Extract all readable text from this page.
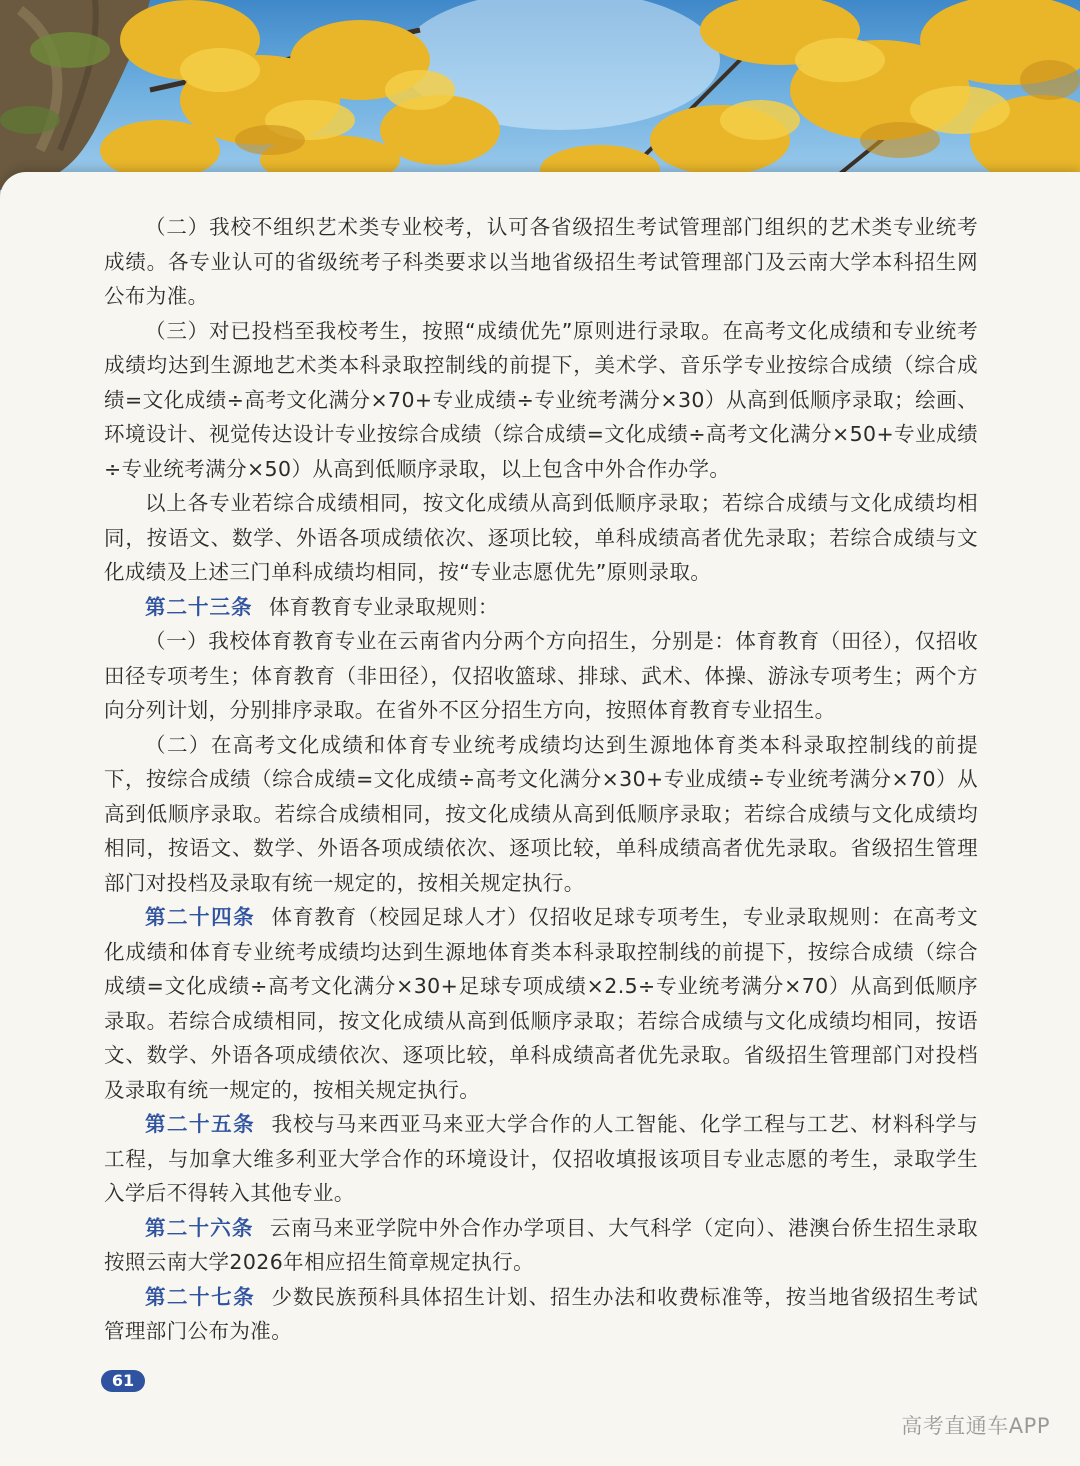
（二）我校不组织艺术类专业校考，认可各省级招生考试管理部门组织的艺术类专业统考成绩。各专业认可的省级统考子科类要求以当地省级招生考试管理部门及云南大学本科招生网公布为准。

（三）对已投档至我校考生，按照“成绩优先”原则进行录取。在高考文化成绩和专业统考成绩均达到生源地艺术类本科录取控制线的前提下，美术学、音乐学专业按综合成绩（综合成绩=文化成绩÷高考文化满分×70+专业成绩÷专业统考满分×30）从高到低顺序录取；绘画、环境设计、视觉传达设计专业按综合成绩（综合成绩=文化成绩÷高考文化满分×50+专业成绩÷专业统考满分×50）从高到低顺序录取，以上包含中外合作办学。

以上各专业若综合成绩相同，按文化成绩从高到低顺序录取；若综合成绩与文化成绩均相同，按语文、数学、外语各项成绩依次、逐项比较，单科成绩高者优先录取；若综合成绩与文化成绩及上述三门单科成绩均相同，按“专业志愿优先”原则录取。

第二十三条 体育教育专业录取规则：

（一）我校体育教育专业在云南省内分两个方向招生，分别是：体育教育（田径），仅招收田径专项考生；体育教育（非田径），仅招收篮球、排球、武术、体操、游泳专项考生；两个方向分列计划，分别排序录取。在省外不区分招生方向，按照体育教育专业招生。

（二）在高考文化成绩和体育专业统考成绩均达到生源地体育类本科录取控制线的前提下，按综合成绩（综合成绩=文化成绩÷高考文化满分×30+专业成绩÷专业统考满分×70）从高到低顺序录取。若综合成绩相同，按文化成绩从高到低顺序录取；若综合成绩与文化成绩均相同，按语文、数学、外语各项成绩依次、逐项比较，单科成绩高者优先录取。省级招生管理部门对投档及录取有统一规定的，按相关规定执行。

第二十四条 体育教育（校园足球人才）仅招收足球专项考生，专业录取规则：在高考文化成绩和体育专业统考成绩均达到生源地体育类本科录取控制线的前提下，按综合成绩（综合成绩=文化成绩÷高考文化满分×30+足球专项成绩×2.5÷专业统考满分×70）从高到低顺序录取。若综合成绩相同，按文化成绩从高到低顺序录取；若综合成绩与文化成绩均相同，按语文、数学、外语各项成绩依次、逐项比较，单科成绩高者优先录取。省级招生管理部门对投档及录取有统一规定的，按相关规定执行。

第二十五条 我校与马来西亚马来亚大学合作的人工智能、化学工程与工艺、材料科学与工程，与加拿大维多利亚大学合作的环境设计，仅招收填报该项目专业志愿的考生，录取学生入学后不得转入其他专业。

第二十六条 云南马来亚学院中外合作办学项目、大气科学（定向）、港澳台侨生招生录取按照云南大学2026年相应招生简章规定执行。

第二十七条 少数民族预科具体招生计划、招生办法和收费标准等，按当地省级招生考试管理部门公布为准。

61
高考直通车APP
